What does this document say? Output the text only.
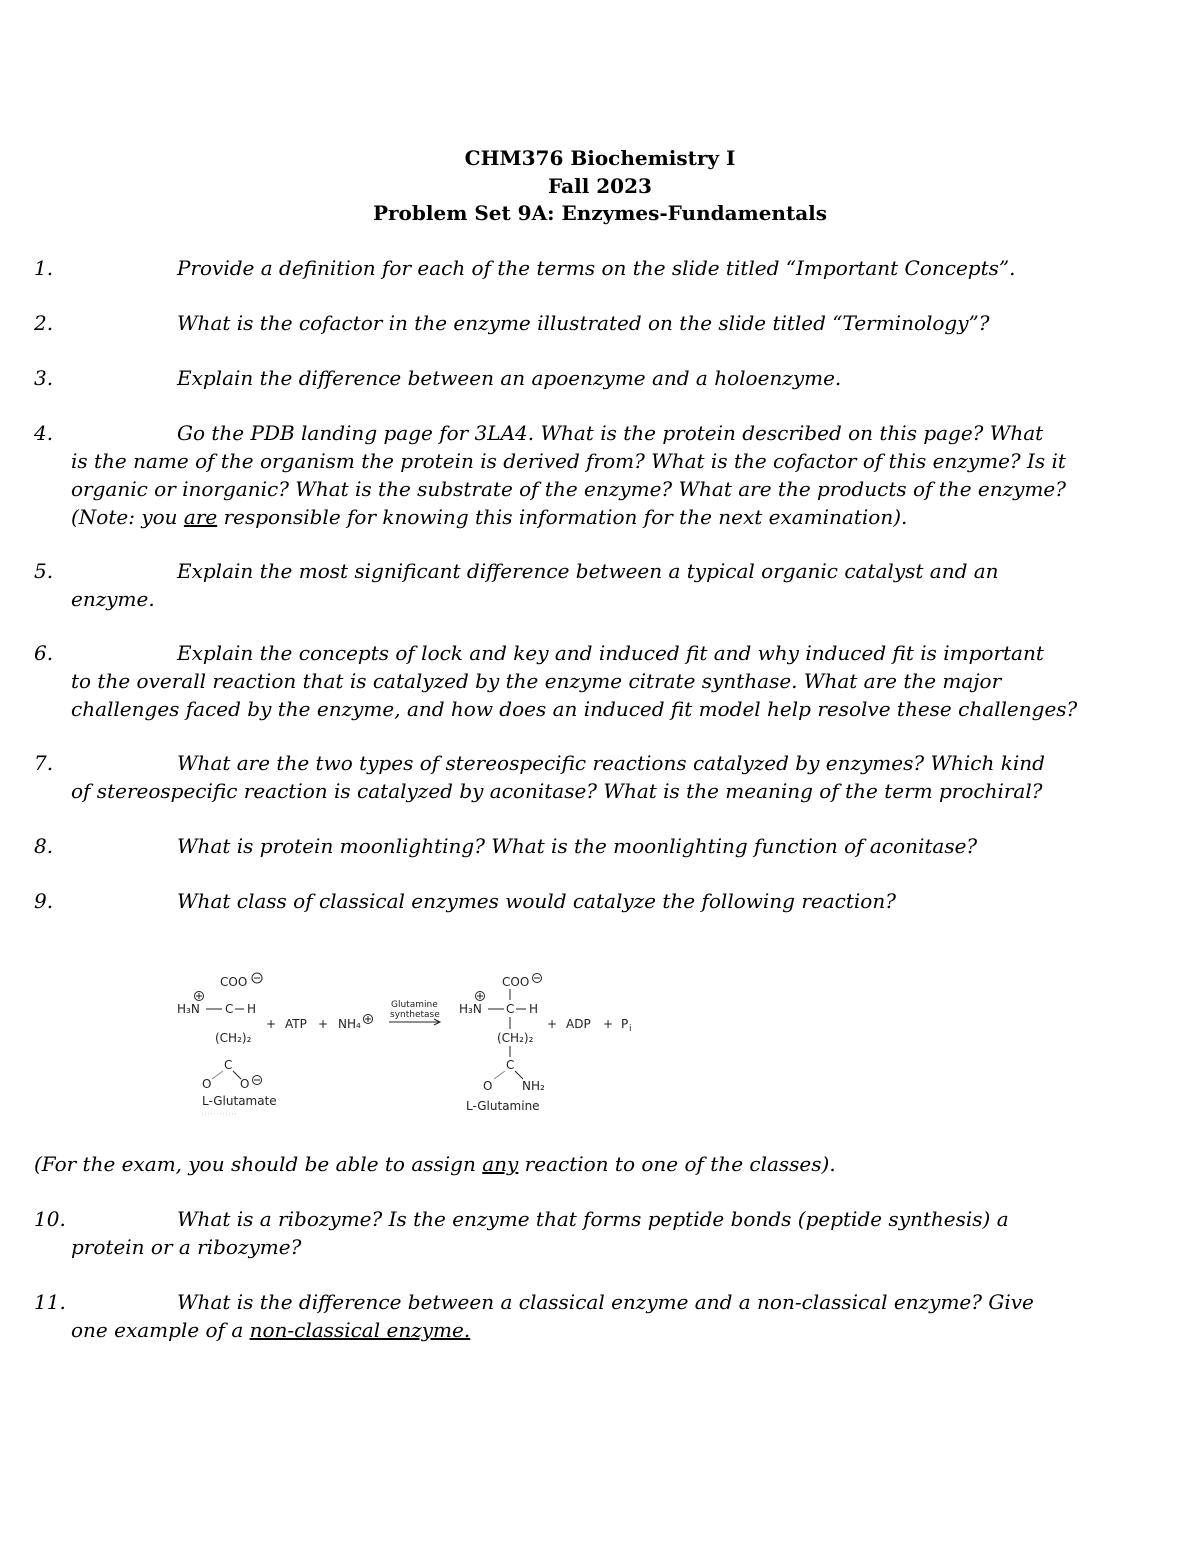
CHM376 Biochemistry I
Fall 2023
Problem Set 9A: Enzymes-Fundamentals
1.	Provide a definition for each of the terms on the slide titled “Important Concepts”.
2.	What is the cofactor in the enzyme illustrated on the slide titled “Terminology”?
3.	Explain the difference between an apoenzyme and a holoenzyme.
4.	Go the PDB landing page for 3LA4. What is the protein described on this page? What
is the name of the organism the protein is derived from? What is the cofactor of this enzyme? Is it
organic or inorganic? What is the substrate of the enzyme? What are the products of the enzyme?
(Note: you are responsible for knowing this information for the next examination).
5.	Explain the most significant difference between a typical organic catalyst and an
enzyme.
6.	Explain the concepts of lock and key and induced fit and why induced fit is important
to the overall reaction that is catalyzed by the enzyme citrate synthase. What are the major
challenges faced by the enzyme, and how does an induced fit model help resolve these challenges?
7.	What are the two types of stereospecific reactions catalyzed by enzymes? Which kind
of stereospecific reaction is catalyzed by aconitase? What is the meaning of the term prochiral?
8.	What is protein moonlighting? What is the moonlighting function of aconitase?
9.	What class of classical enzymes would catalyze the following reaction?
COO
H₃N C H
(CH₂)₂
C
O O
L-Glutamate
+ ATP + NH₄
Glutamine
synthetase
COO
H₃N C H
(CH₂)₂
C
O NH₂
L-Glutamine
+ ADP + P i
(For the exam, you should be able to assign any reaction to one of the classes).
10.	What is a ribozyme? Is the enzyme that forms peptide bonds (peptide synthesis) a
protein or a ribozyme?
11.	What is the difference between a classical enzyme and a non-classical enzyme? Give
one example of a non-classical enzyme.
